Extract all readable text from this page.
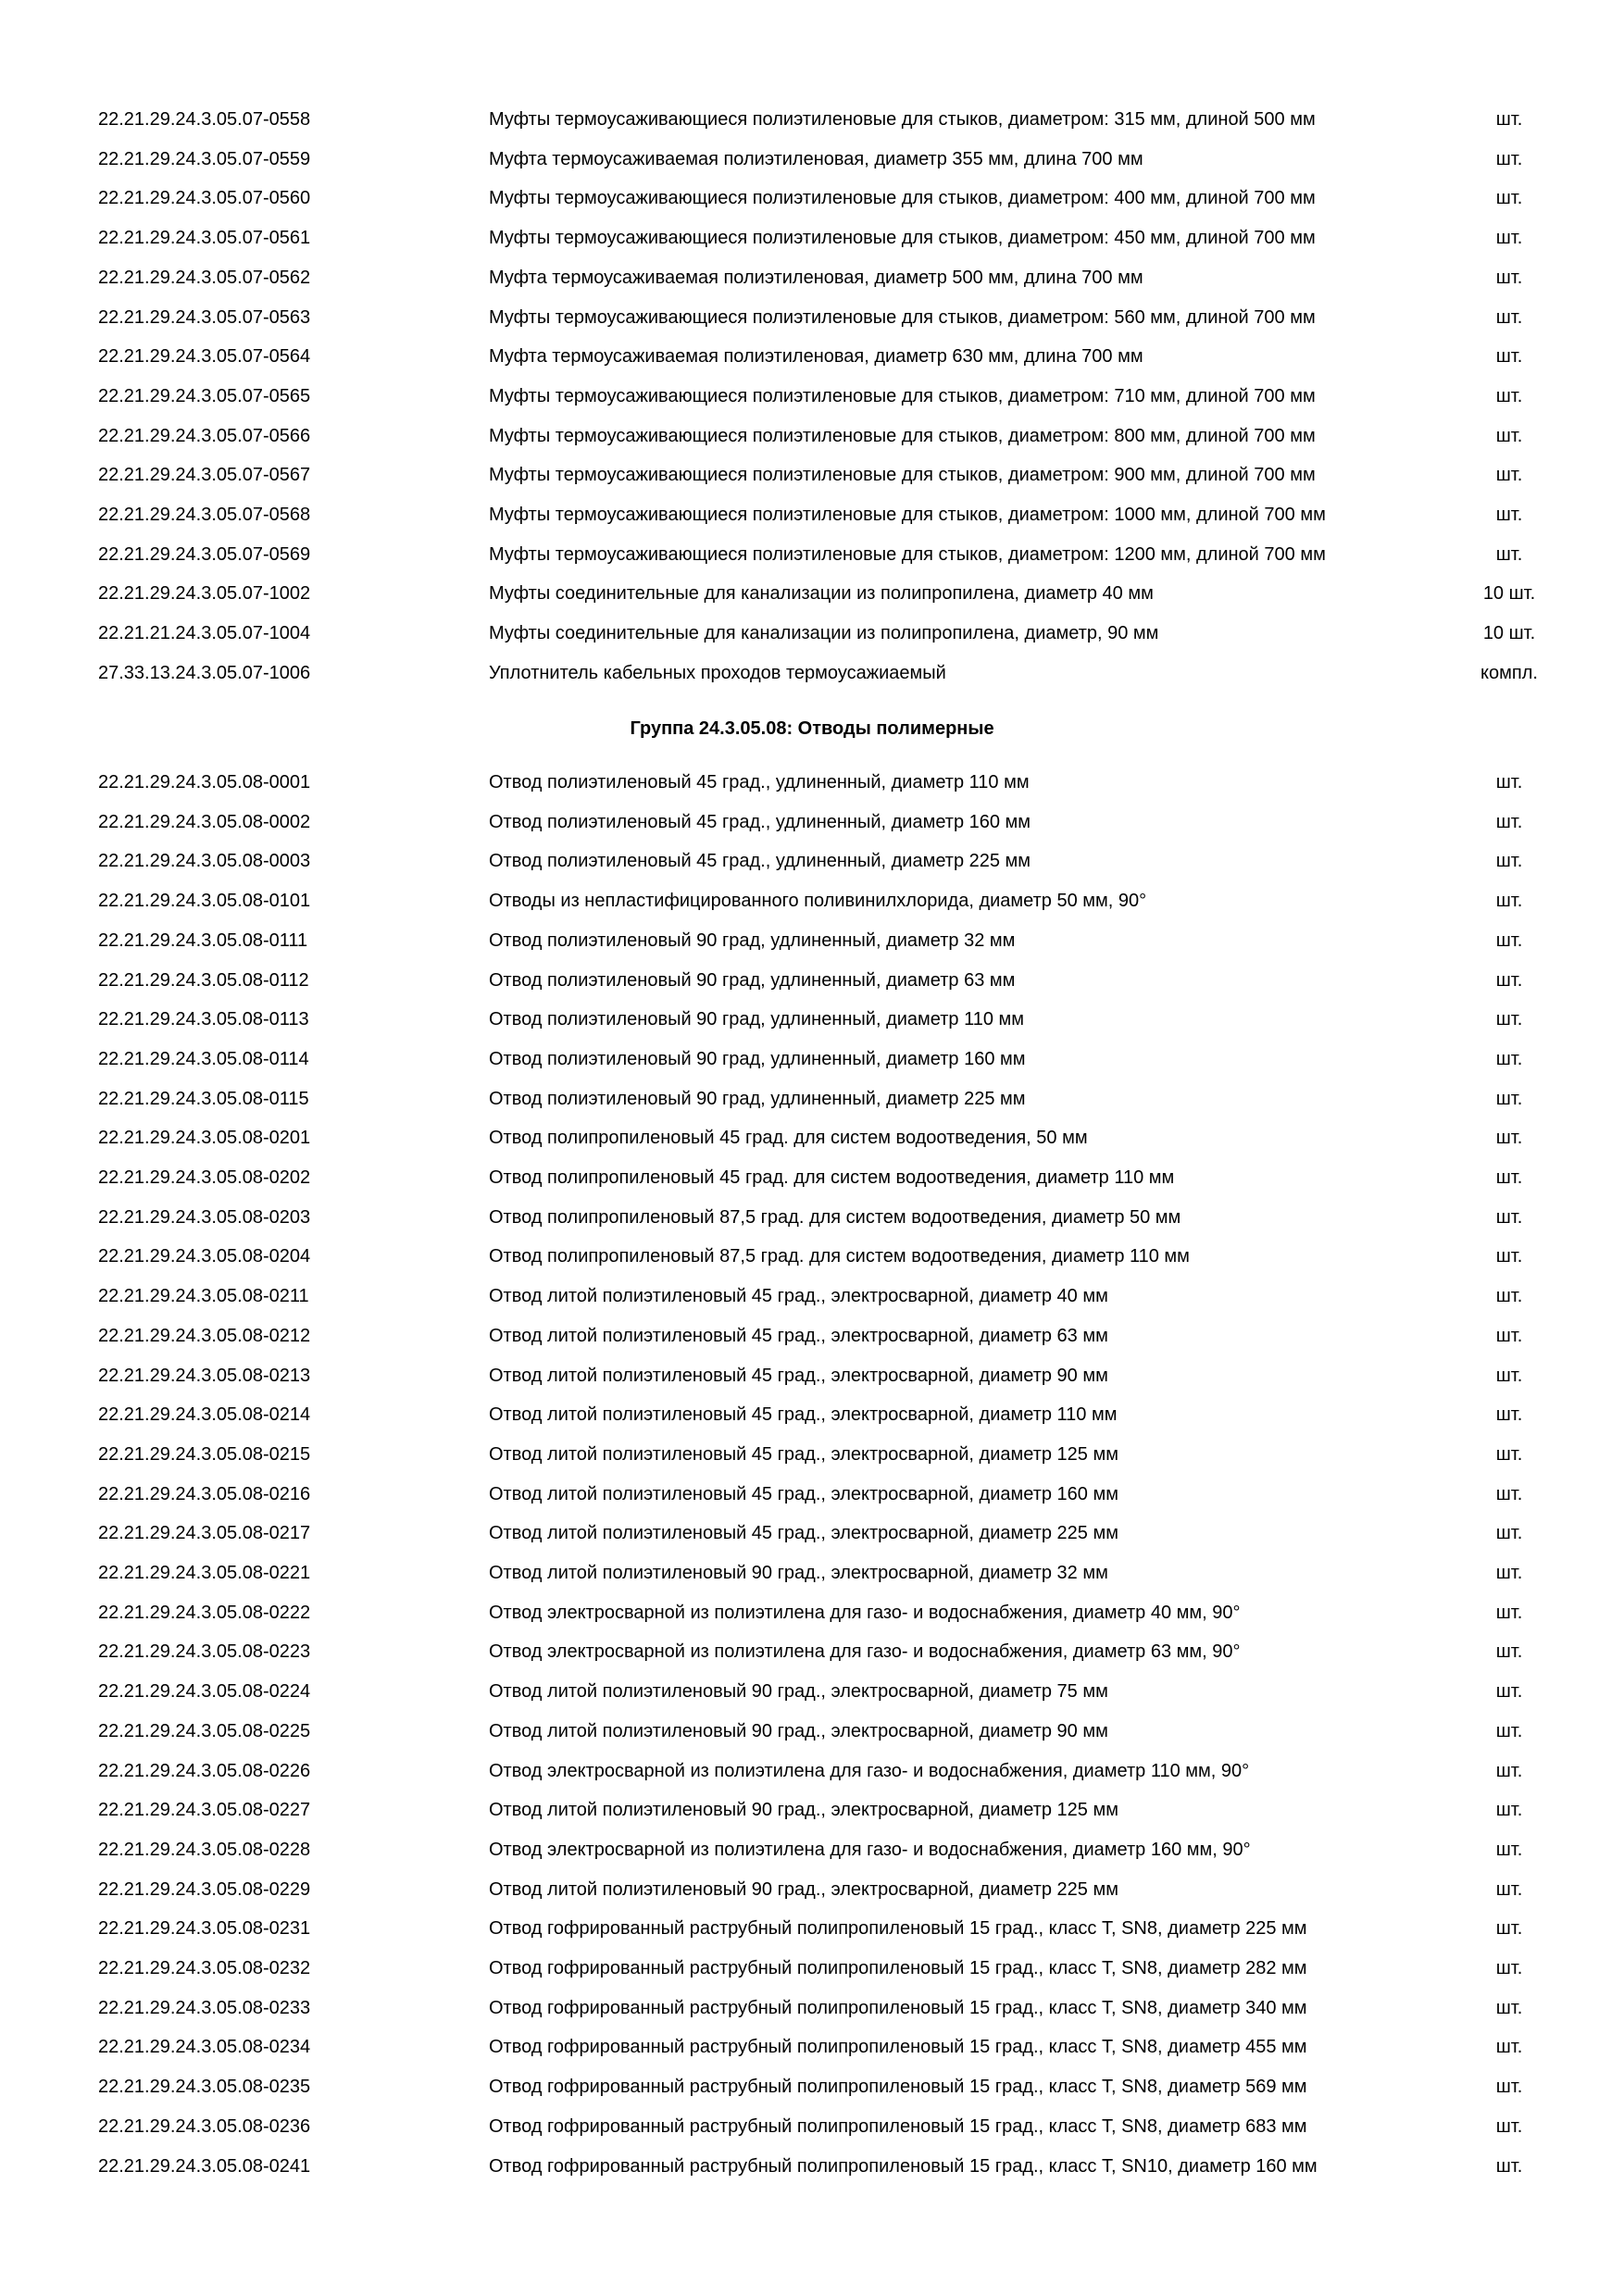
22.21.29.24.3.05.07-0558	Муфты термоусаживающиеся полиэтиленовые для стыков, диаметром: 315 мм, длиной 500 мм	шт.
22.21.29.24.3.05.07-0559	Муфта термоусаживаемая полиэтиленовая, диаметр 355 мм, длина 700 мм	шт.
22.21.29.24.3.05.07-0560	Муфты термоусаживающиеся полиэтиленовые для стыков, диаметром: 400 мм, длиной 700 мм	шт.
22.21.29.24.3.05.07-0561	Муфты термоусаживающиеся полиэтиленовые для стыков, диаметром: 450 мм, длиной 700 мм	шт.
22.21.29.24.3.05.07-0562	Муфта термоусаживаемая полиэтиленовая, диаметр 500 мм, длина 700 мм	шт.
22.21.29.24.3.05.07-0563	Муфты термоусаживающиеся полиэтиленовые для стыков, диаметром: 560 мм, длиной 700 мм	шт.
22.21.29.24.3.05.07-0564	Муфта термоусаживаемая полиэтиленовая, диаметр 630 мм, длина 700 мм	шт.
22.21.29.24.3.05.07-0565	Муфты термоусаживающиеся полиэтиленовые для стыков, диаметром: 710 мм, длиной 700 мм	шт.
22.21.29.24.3.05.07-0566	Муфты термоусаживающиеся полиэтиленовые для стыков, диаметром: 800 мм, длиной 700 мм	шт.
22.21.29.24.3.05.07-0567	Муфты термоусаживающиеся полиэтиленовые для стыков, диаметром: 900 мм, длиной 700 мм	шт.
22.21.29.24.3.05.07-0568	Муфты термоусаживающиеся полиэтиленовые для стыков, диаметром: 1000 мм, длиной 700 мм	шт.
22.21.29.24.3.05.07-0569	Муфты термоусаживающиеся полиэтиленовые для стыков, диаметром: 1200 мм, длиной 700 мм	шт.
22.21.29.24.3.05.07-1002	Муфты соединительные для канализации из полипропилена, диаметр 40 мм	10 шт.
22.21.21.24.3.05.07-1004	Муфты соединительные для канализации из полипропилена, диаметр, 90 мм	10 шт.
27.33.13.24.3.05.07-1006	Уплотнитель кабельных проходов термоусажиаемый	компл.
Группа 24.3.05.08: Отводы полимерные
22.21.29.24.3.05.08-0001	Отвод полиэтиленовый 45 град., удлиненный, диаметр 110 мм	шт.
22.21.29.24.3.05.08-0002	Отвод полиэтиленовый 45 град., удлиненный, диаметр 160 мм	шт.
22.21.29.24.3.05.08-0003	Отвод полиэтиленовый 45 град., удлиненный, диаметр 225 мм	шт.
22.21.29.24.3.05.08-0101	Отводы из непластифицированного поливинилхлорида, диаметр 50 мм, 90°	шт.
22.21.29.24.3.05.08-0111	Отвод полиэтиленовый 90 град, удлиненный, диаметр 32 мм	шт.
22.21.29.24.3.05.08-0112	Отвод полиэтиленовый 90 град, удлиненный, диаметр 63 мм	шт.
22.21.29.24.3.05.08-0113	Отвод полиэтиленовый 90 град, удлиненный, диаметр 110 мм	шт.
22.21.29.24.3.05.08-0114	Отвод полиэтиленовый 90 град, удлиненный, диаметр 160 мм	шт.
22.21.29.24.3.05.08-0115	Отвод полиэтиленовый 90 град, удлиненный, диаметр 225 мм	шт.
22.21.29.24.3.05.08-0201	Отвод полипропиленовый 45 град. для систем водоотведения, 50 мм	шт.
22.21.29.24.3.05.08-0202	Отвод полипропиленовый 45 град. для систем водоотведения, диаметр 110 мм	шт.
22.21.29.24.3.05.08-0203	Отвод полипропиленовый 87,5 град. для систем водоотведения, диаметр 50 мм	шт.
22.21.29.24.3.05.08-0204	Отвод полипропиленовый 87,5 град. для систем водоотведения, диаметр 110 мм	шт.
22.21.29.24.3.05.08-0211	Отвод литой полиэтиленовый 45 град., электросварной, диаметр 40 мм	шт.
22.21.29.24.3.05.08-0212	Отвод литой полиэтиленовый 45 град., электросварной, диаметр 63 мм	шт.
22.21.29.24.3.05.08-0213	Отвод литой полиэтиленовый 45 град., электросварной, диаметр 90 мм	шт.
22.21.29.24.3.05.08-0214	Отвод литой полиэтиленовый 45 град., электросварной, диаметр 110 мм	шт.
22.21.29.24.3.05.08-0215	Отвод литой полиэтиленовый 45 град., электросварной, диаметр 125 мм	шт.
22.21.29.24.3.05.08-0216	Отвод литой полиэтиленовый 45 град., электросварной, диаметр 160 мм	шт.
22.21.29.24.3.05.08-0217	Отвод литой полиэтиленовый 45 град., электросварной, диаметр 225 мм	шт.
22.21.29.24.3.05.08-0221	Отвод литой полиэтиленовый 90 град., электросварной, диаметр 32 мм	шт.
22.21.29.24.3.05.08-0222	Отвод электросварной из полиэтилена для газо- и водоснабжения, диаметр 40 мм, 90°	шт.
22.21.29.24.3.05.08-0223	Отвод электросварной из полиэтилена для газо- и водоснабжения, диаметр 63 мм, 90°	шт.
22.21.29.24.3.05.08-0224	Отвод литой полиэтиленовый 90 град., электросварной, диаметр 75 мм	шт.
22.21.29.24.3.05.08-0225	Отвод литой полиэтиленовый 90 град., электросварной, диаметр 90 мм	шт.
22.21.29.24.3.05.08-0226	Отвод электросварной из полиэтилена для газо- и водоснабжения, диаметр 110 мм, 90°	шт.
22.21.29.24.3.05.08-0227	Отвод литой полиэтиленовый 90 град., электросварной, диаметр 125 мм	шт.
22.21.29.24.3.05.08-0228	Отвод электросварной из полиэтилена для газо- и водоснабжения, диаметр 160 мм, 90°	шт.
22.21.29.24.3.05.08-0229	Отвод литой полиэтиленовый 90 град., электросварной, диаметр 225 мм	шт.
22.21.29.24.3.05.08-0231	Отвод гофрированный раструбный полипропиленовый 15 град., класс Т, SN8, диаметр 225 мм	шт.
22.21.29.24.3.05.08-0232	Отвод гофрированный раструбный полипропиленовый 15 град., класс Т, SN8, диаметр 282 мм	шт.
22.21.29.24.3.05.08-0233	Отвод гофрированный раструбный полипропиленовый 15 град., класс Т, SN8, диаметр 340 мм	шт.
22.21.29.24.3.05.08-0234	Отвод гофрированный раструбный полипропиленовый 15 град., класс Т, SN8, диаметр 455 мм	шт.
22.21.29.24.3.05.08-0235	Отвод гофрированный раструбный полипропиленовый 15 град., класс Т, SN8, диаметр 569 мм	шт.
22.21.29.24.3.05.08-0236	Отвод гофрированный раструбный полипропиленовый 15 град., класс Т, SN8, диаметр 683 мм	шт.
22.21.29.24.3.05.08-0241	Отвод гофрированный раструбный полипропиленовый 15 град., класс Т, SN10, диаметр 160 мм	шт.
